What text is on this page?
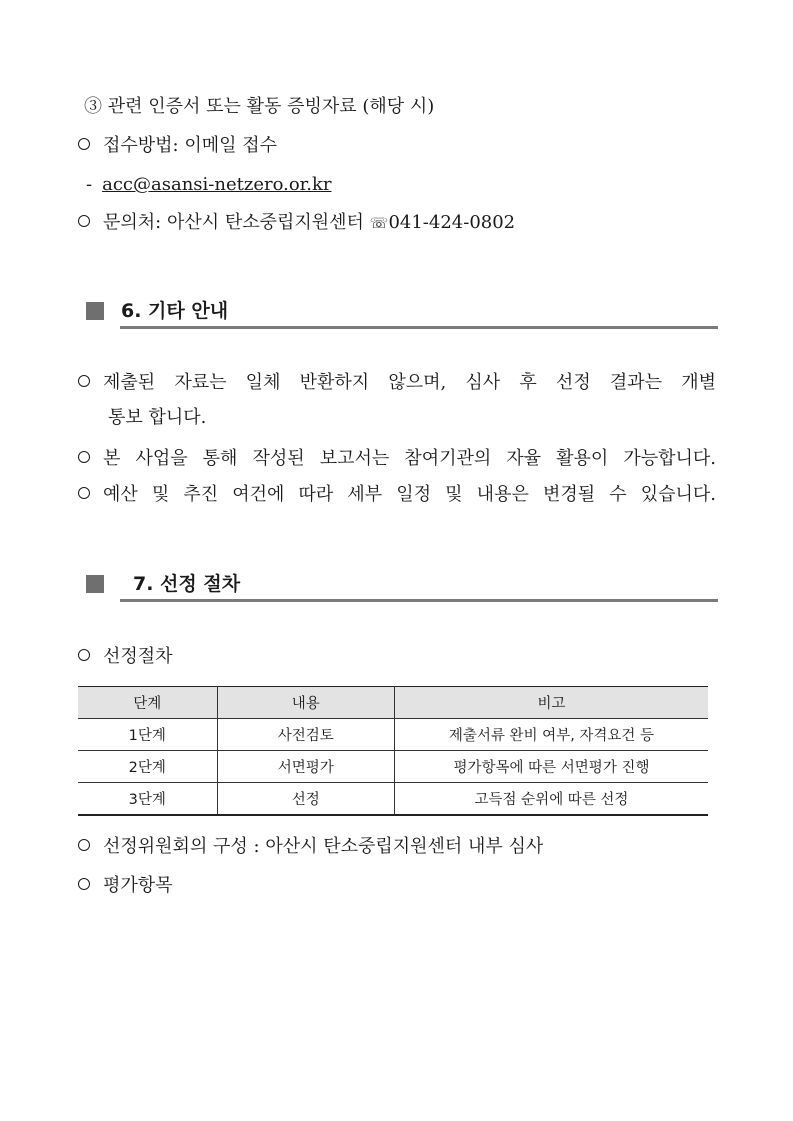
③ 관련 인증서 또는 활동 증빙자료 (해당 시)
접수방법: 이메일 접수
- acc@asansi-netzero.or.kr
문의처: 아산시 탄소중립지원센터 ☏041-424-0802
6. 기타 안내
제출된 자료는 일체 반환하지 않으며, 심사 후 선정 결과는 개별
통보 합니다.
본 사업을 통해 작성된 보고서는 참여기관의 자율 활용이 가능합니다.
예산 및 추진 여건에 따라 세부 일정 및 내용은 변경될 수 있습니다.
7. 선정 절차
선정절차
단계	내용	비고
1단계	사전검토	제출서류 완비 여부, 자격요건 등
2단계	서면평가	평가항목에 따른 서면평가 진행
3단계	선정	고득점 순위에 따른 선정
선정위원회의 구성 : 아산시 탄소중립지원센터 내부 심사
평가항목
